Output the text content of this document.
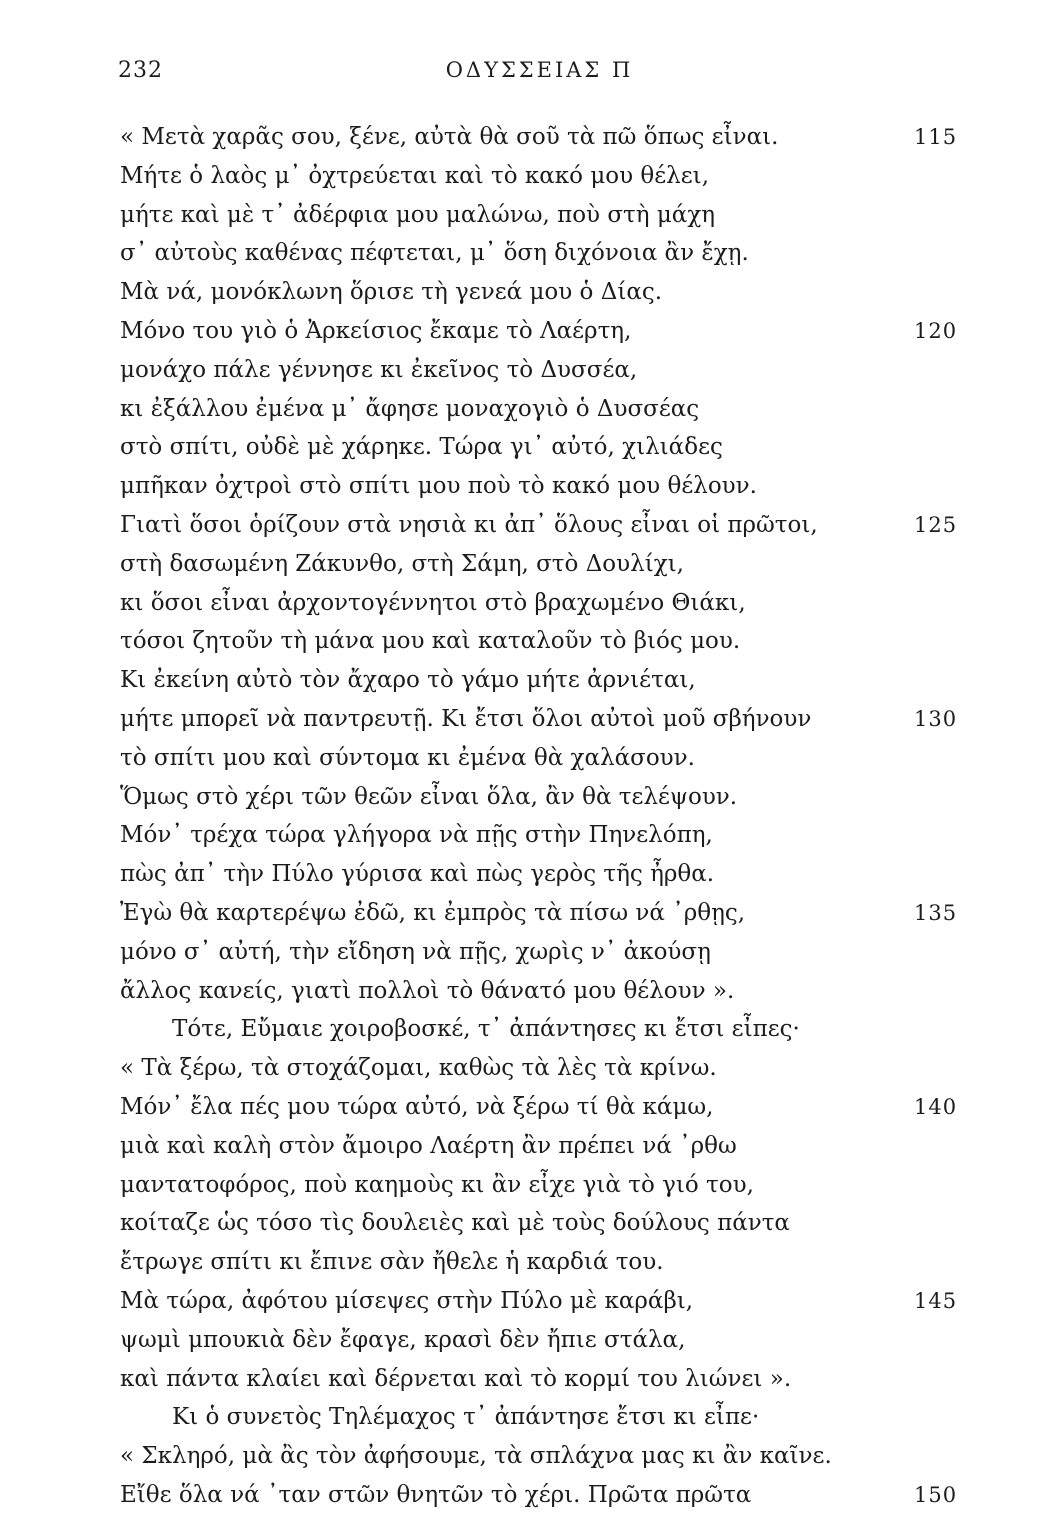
232	ΟΔΥΣΣΕΙΑΣ Π
« Μετὰ χαρᾶς σου, ξένε, αὐτὰ θὰ σοῦ τὰ πῶ ὅπως εἶναι.	115
Μήτε ὁ λαὸς μ᾽ ὀχτρεύεται καὶ τὸ κακό μου θέλει,
μήτε καὶ μὲ τ᾽ ἀδέρφια μου μαλώνω, ποὺ στὴ μάχη
σ᾽ αὐτοὺς καθένας πέφτεται, μ᾽ ὅση διχόνοια ἂν ἔχῃ.
Μὰ νά, μονόκλωνη ὅρισε τὴ γενεά μου ὁ Δίας.
Μόνο του γιὸ ὁ Ἀρκείσιος ἔκαμε τὸ Λαέρτη,	120
μονάχο πάλε γέννησε κι ἐκεῖνος τὸ Δυσσέα,
κι ἐξάλλου ἐμένα μ᾽ ἄφησε μοναχογιὸ ὁ Δυσσέας
στὸ σπίτι, οὐδὲ μὲ χάρηκε. Τώρα γι᾽ αὐτό, χιλιάδες
μπῆκαν ὀχτροὶ στὸ σπίτι μου ποὺ τὸ κακό μου θέλουν.
Γιατὶ ὅσοι ὁρίζουν στὰ νησιὰ κι ἀπ᾽ ὅλους εἶναι οἱ πρῶτοι,	125
στὴ δασωμένη Ζάκυνθο, στὴ Σάμη, στὸ Δουλίχι,
κι ὅσοι εἶναι ἀρχοντογέννητοι στὸ βραχωμένο Θιάκι,
τόσοι ζητοῦν τὴ μάνα μου καὶ καταλοῦν τὸ βιός μου.
Κι ἐκείνη αὐτὸ τὸν ἄχαρο τὸ γάμο μήτε ἀρνιέται,
μήτε μπορεῖ νὰ παντρευτῇ. Κι ἔτσι ὅλοι αὐτοὶ μοῦ σβήνουν	130
τὸ σπίτι μου καὶ σύντομα κι ἐμένα θὰ χαλάσουν.
Ὅμως στὸ χέρι τῶν θεῶν εἶναι ὅλα, ἂν θὰ τελέψουν.
Μόν᾽ τρέχα τώρα γλήγορα νὰ πῇς στὴν Πηνελόπη,
πὼς ἀπ᾽ τὴν Πύλο γύρισα καὶ πὼς γερὸς τῆς ἦρθα.
Ἐγὼ θὰ καρτερέψω ἐδῶ, κι ἐμπρὸς τὰ πίσω νά ᾽ρθῃς,	135
μόνο σ᾽ αὐτή, τὴν εἴδηση νὰ πῇς, χωρὶς ν᾽ ἀκούσῃ
ἄλλος κανείς, γιατὶ πολλοὶ τὸ θάνατό μου θέλουν ».
Τότε, Εὔμαιε χοιροβοσκέ, τ᾽ ἀπάντησες κι ἔτσι εἶπες·
« Τὰ ξέρω, τὰ στοχάζομαι, καθὼς τὰ λὲς τὰ κρίνω.
Μόν᾽ ἔλα πές μου τώρα αὐτό, νὰ ξέρω τί θὰ κάμω,	140
μιὰ καὶ καλὴ στὸν ἄμοιρο Λαέρτη ἂν πρέπει νά ᾽ρθω
μαντατοφόρος, ποὺ καημοὺς κι ἂν εἶχε γιὰ τὸ γιό του,
κοίταζε ὡς τόσο τὶς δουλειὲς καὶ μὲ τοὺς δούλους πάντα
ἔτρωγε σπίτι κι ἔπινε σὰν ἤθελε ἡ καρδιά του.
Μὰ τώρα, ἀφότου μίσεψες στὴν Πύλο μὲ καράβι,	145
ψωμὶ μπουκιὰ δὲν ἔφαγε, κρασὶ δὲν ἤπιε στάλα,
καὶ πάντα κλαίει καὶ δέρνεται καὶ τὸ κορμί του λιώνει ».
Κι ὁ συνετὸς Τηλέμαχος τ᾽ ἀπάντησε ἔτσι κι εἶπε·
« Σκληρό, μὰ ἂς τὸν ἀφήσουμε, τὰ σπλάχνα μας κι ἂν καῖνε.
Εἴθε ὅλα νά ᾽ταν στῶν θνητῶν τὸ χέρι. Πρῶτα πρῶτα	150
